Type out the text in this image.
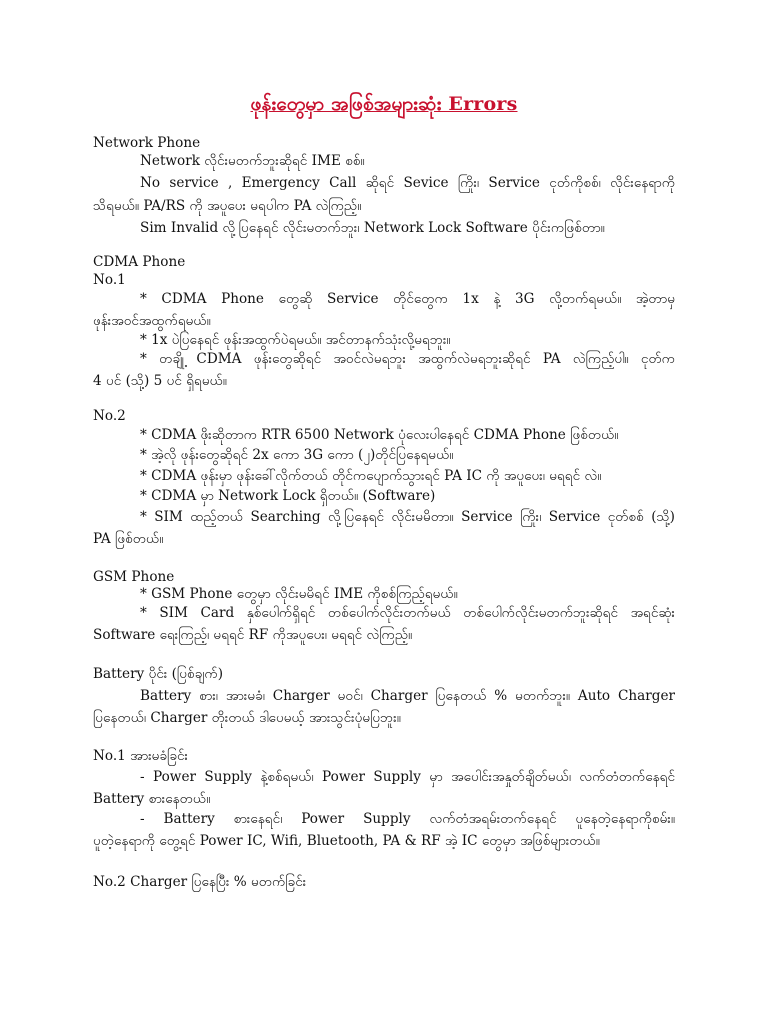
ဖုန်းတွေမှာ အဖြစ်အများဆုံး Errors
Network Phone
Network လိုင်းမတက်ဘူးဆိုရင် IME စစ်။
No service , Emergency Call ဆိုရင် Sevice ကြိုး၊ Service ငုတ်ကိုစစ်၊ လိုင်းနေရာကို
သိရမယ်။ PA/RS ကို အပူပေး မရပါက PA လဲကြည့်။
Sim Invalid လို့ပြနေရင် လိုင်းမတက်ဘူး၊ Network Lock Software ပိုင်းကဖြစ်တာ။
CDMA Phone
No.1
* CDMA Phone တွေဆို Service တိုင်တွေက 1x နဲ့ 3G လို့တက်ရမယ်။ အဲ့တာမှ
ဖုန်းအဝင်အထွက်ရမယ်။
* 1x ပဲပြနေရင် ဖုန်းအထွက်ပဲရမယ်။ အင်တာနက်သုံးလို့မရဘူး။
* တချို့ CDMA ဖုန်းတွေဆိုရင် အဝင်လဲမရဘူး အထွက်လဲမရဘူးဆိုရင် PA လဲကြည့်ပါ။ ငုတ်က
4 ပင် (သို့) 5 ပင် ရှိရမယ်။
No.2
* CDMA ဖိုးဆိုတာက RTR 6500 Network ပုံလေးပါနေရင် CDMA Phone ဖြစ်တယ်။
* အဲ့လို ဖုန်းတွေဆိုရင် 2x ကော 3G ကော (၂)တိုင်ပြနေရမယ်။
* CDMA ဖုန်းမှာ ဖုန်းခေါ်လိုက်တယ် တိုင်ကပျောက်သွားရင် PA IC ကို အပူပေး၊ မရရင် လဲ။
* CDMA မှာ Network Lock ရှိတယ်။ (Software)
* SIM ထည့်တယ် Searching လို့ပြနေရင် လိုင်းမမိတာ။ Service ကြိုး၊ Service ငုတ်စစ် (သို့)
PA ဖြစ်တယ်။
GSM Phone
* GSM Phone တွေမှာ လိုင်းမမိရင် IME ကိုစစ်ကြည့်ရမယ်။
* SIM Card နှစ်ပေါက်ရှိရင် တစ်ပေါက်လိုင်းတက်မယ် တစ်ပေါက်လိုင်းမတက်ဘူးဆိုရင် အရင်ဆုံး
Software ရေးကြည့်၊ မရရင် RF ကိုအပူပေး၊ မရရင် လဲကြည့်။
Battery ပိုင်း (ပြစ်ချက်)
Battery စား၊ အားမခံ၊ Charger မဝင်၊ Charger ပြနေတယ် % မတက်ဘူး။ Auto Charger
ပြနေတယ်၊ Charger တိုးတယ် ဒါပေမယ့် အားသွင်းပုံမပြဘူး။
No.1 အားမခံခြင်း
- Power Supply နဲ့စစ်ရမယ်၊ Power Supply မှာ အပေါင်းအနှုတ်ချိတ်မယ်၊ လက်တံတက်နေရင်
Battery စားနေတယ်။
- Battery စားနေရင်၊ Power Supply လက်တံအရမ်းတက်နေရင် ပူနေတဲ့နေရာကိုစမ်း။
ပူတဲ့နေရာကို တွေ့ရင် Power IC, Wifi, Bluetooth, PA & RF အဲ့ IC တွေမှာ အဖြစ်များတယ်။
No.2 Charger ပြနေပြီး % မတက်ခြင်း
